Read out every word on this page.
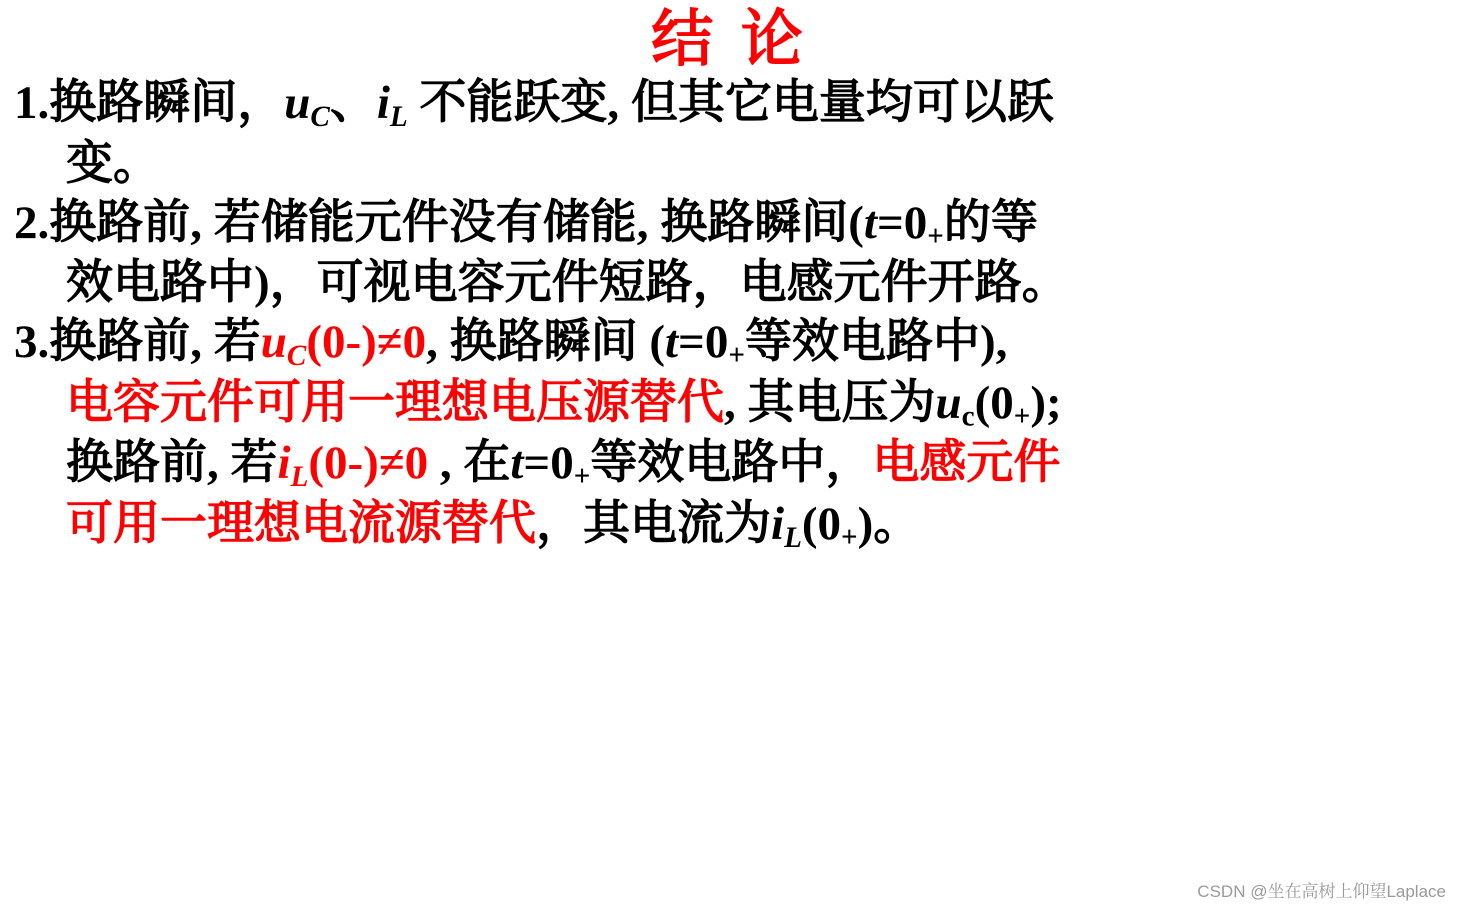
结 论
1.换路瞬间，$u_C$、$i_L$ 不能跃变, 但其它电量均可以跃
变。
2.换路前, 若储能元件没有储能, 换路瞬间($t=0_+$的等
效电路中)，可视电容元件短路，电感元件开路。
3.换路前, 若$u_C(0-)\ne 0$, 换路瞬间 ($t=0_+$等效电路中),
电容元件可用一理想电压源替代, 其电压为$u_c(0_+)$;
换路前, 若$i_L(0-)\ne 0$ , 在$t=0_+$等效电路中，电感元件
可用一理想电流源替代，其电流为$i_L(0_+)$。
CSDN @坐在高树上仰望Laplace
